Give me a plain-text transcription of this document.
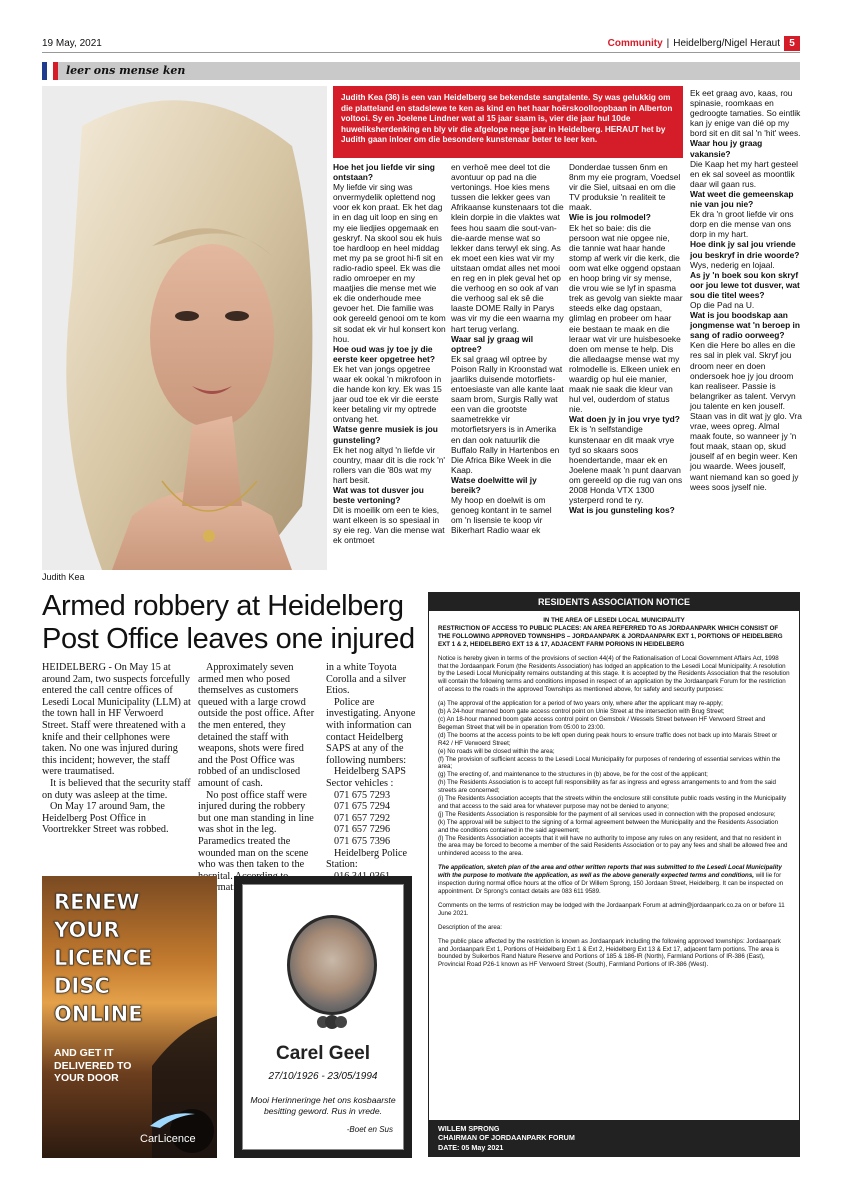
19 May, 2021	Community | Heidelberg/Nigel Heraut 5
leer ons mense ken
Judith Kea
Judith Kea (36) is een van Heidelberg se bekendste sangtalente. Sy was gelukkig om die platteland en stadslewe te ken as kind en het haar hoërskoolloopbaan in Alberton voltooi. Sy en Joelene Lindner wat al 15 jaar saam is, vier die jaar hul 10de huweliksherdenking en bly vir die afgelope nege jaar in Heidelberg. HERAUT het by Judith gaan inloer om die besondere kunstenaar beter te leer ken.

Hoe het jou liefde vir sing ontstaan?

My liefde vir sing was onvermydelik oplettend nog voor ek kon praat. Ek het dag in en dag uit loop en sing en my eie liedjies opgemaak en geskryf. Na skool sou ek huis toe hardloop en heel middag met my pa se groot hi-fi sit en radio-radio speel. Ek was die radio omroeper en my maatjies die mense met wie ek die onderhoude mee gevoer het. Die familie was ook gereeld genooi om te kom sit sodat ek vir hul konsert kon hou.

Hoe oud was jy toe jy die eerste keer opgetree het?

Ek het van jongs opgetree waar ek ookal 'n mikrofoon in die hande kon kry. Ek was 15 jaar oud toe ek vir die eerste keer betaling vir my optrede ontvang het.

Watse genre musiek is jou gunsteling?

Ek het nog altyd 'n liefde vir country, maar dit is die rock 'n' rollers van die '80s wat my hart besit.

Wat was tot dusver jou beste vertoning?

Dit is moeilik om een te kies, want elkeen is so spesiaal in sy eie reg. Van die mense wat ek ontmoet

en verhoë mee deel tot die avontuur op pad na die vertonings. Hoe kies mens tussen die lekker gees van Afrikaanse kunstenaars tot die klein dorpie in die vlaktes wat fees hou saam die sout-van-die-aarde mense wat so lekker dans terwyl ek sing. As ek moet een kies wat vir my uitstaan omdat alles net mooi en reg en in plek geval het op die verhoog en so ook af van die verhoog sal ek sê die laaste DOME Rally in Parys was vir my die een waarna my hart terug verlang.

Waar sal jy graag wil optree?

Ek sal graag wil optree by Poison Rally in Kroonstad wat jaarliks duisende motorfiets-entoesiaste van alle kante laat saam brom, Surgis Rally wat een van die grootste saametrekke vir motorfietsryers is in Amerika en dan ook natuurlik die Buffalo Rally in Hartenbos en Die Africa Bike Week in die Kaap.

Watse doelwitte wil jy bereik?

My hoop en doelwit is om genoeg kontant in te samel om 'n lisensie te koop vir Bikerhart Radio waar ek

Donderdae tussen 6nm en 8nm my eie program, Voedsel vir die Siel, uitsaai en om die TV produksie 'n realiteit te maak.

Wie is jou rolmodel?

Ek het so baie: dis die persoon wat nie opgee nie, die tannie wat haar hande stomp af werk vir die kerk, die oom wat elke oggend opstaan en hoop bring vir sy mense, die vrou wie se lyf in spasma trek as gevolg van siekte maar steeds elke dag opstaan, glimlag en probeer om haar eie bestaan te maak en die leraar wat vir ure huisbesoeke doen om mense te help. Dis die alledaagse mense wat my rolmodelle is. Elkeen uniek en waardig op hul eie manier, maak nie saak die kleur van hul vel, ouderdom of status nie.

Wat doen jy in jou vrye tyd?

Ek is 'n selfstandige kunstenaar en dit maak vrye tyd so skaars soos hoendertande, maar ek en Joelene maak 'n punt daarvan om gereeld op die rug van ons 2008 Honda VTX 1300 ysterperd rond te ry.

Wat is jou gunsteling kos?

Ek eet graag avo, kaas, rou spinasie, roomkaas en gedroogte tamaties. So eintlik kan jy enige van dié op my bord sit en dit sal 'n 'hit' wees.

Waar hou jy graag vakansie?

Die Kaap het my hart gesteel en ek sal soveel as moontlik daar wil gaan rus.

Wat weet die gemeenskap nie van jou nie?

Ek dra 'n groot liefde vir ons dorp en die mense van ons dorp in my hart.

Hoe dink jy sal jou vriende jou beskryf in drie woorde?

Wys, nederig en lojaal.

As jy 'n boek sou kon skryf oor jou lewe tot dusver, wat sou die titel wees?

Op die Pad na U.

Wat is jou boodskap aan jongmense wat 'n beroep in sang of radio oorweeg?

Ken die Here bo alles en die res sal in plek val. Skryf jou droom neer en doen ondersoek hoe jy jou droom kan realiseer. Passie is belangriker as talent. Vervyn jou talente en ken jouself. Staan vas in dit wat jy glo. Vra vrae, wees opreg. Almal maak foute, so wanneer jy 'n fout maak, staan op, skud jouself af en begin weer. Ken jou waarde. Wees jouself, want niemand kan so goed jy wees soos jyself nie.

Armed robbery at Heidelberg Post Office leaves one injured

HEIDELBERG - On May 15 at around 2am, two suspects forcefully entered the call centre offices of Lesedi Local Municipality (LLM) at the town hall in HF Verwoerd Street. Staff were threatened with a knife and their cellphones were taken. No one was injured during this incident; however, the staff were traumatised.

It is believed that the security staff on duty was asleep at the time.

On May 17 around 9am, the Heidelberg Post Office in Voortrekker Street was robbed.

Approximately seven armed men who posed themselves as customers queued with a large crowd outside the post office. After the men entered, they detained the staff with weapons, shots were fired and the Post Office was robbed of an undisclosed amount of cash.

No post office staff were injured during the robbery but one man standing in line was shot in the leg. Paramedics treated the wounded man on the scene who was then taken to the information,

in a white Toyota Corolla and a silver Etios.

Police are investigating. Anyone with information can contact Heidelberg SAPS at any of the following numbers:

Heidelberg SAPS Sector vehicles :

071 675 7293

071 675 7294

071 657 7292

071 657 7296

071 675 7396

Heidelberg Police Station:

RESIDENTS ASSOCIATION NOTICE
IN THE AREA OF LESEDI LOCAL MUNICIPALITY

RESTRICTION OF ACCESS TO PUBLIC PLACES: AN AREA REFERRED TO AS JORDAANPARK WHICH CONSIST OF THE FOLLOWING APPROVED TOWNSHIPS – JORDAANPARK & JORDAANPARK EXT 1, PORTIONS OF HEIDELBERG EXT 1 & 2, HEIDELBERG EXT 13 & 17, ADJACENT FARM PORIONS IN HEIDELBERG

Notice is hereby given in terms of the provisions of section 44(4) of the Rationalisation of Local Government Affairs Act, 1998 that the Jordaanpark Forum (the Residents Association) has lodged an application to the Lesedi Local Municipality. A resolution by the Lesedi Local Municipality remains outstanding at this stage. It is accepted by the Residents Association that the resolution will contain the following terms and conditions imposed in respect of an application by the Jordaanpark Forum for the restriction of access to the roads in the approved Townships as mentioned above, for safety and security purposes:

(a) The approval of the application for a period of two years only, where after the applicant may re-apply;
(b) A 24-hour manned boom gate access control point on Unie Street at the intersection with Brug Street;
(c) An 18-hour manned boom gate access control point on Gemsbok / Wessels Street between HF Verwoerd Street and Begeman Street that will be in operation from 05:00 to 23:00.
(d) The booms at the access points to be left open during peak hours to ensure traffic does not back up into Marais Street or R42 / HF Verwoerd Street;
(e) No roads will be closed within the area;
(f) The provision of sufficient access to the Lesedi Local Municipality for purposes of rendering of essential services within the area;
(g) The erecting of, and maintenance to the structures in (b) above, be for the cost of the applicant;
(h) The Residents Association is to accept full responsibility as far as ingress and egress arrangements to and from the said streets are concerned;
(i) The Residents Association accepts that the streets within the enclosure still constitute public roads vesting in the Municipality and that access to the said area for whatever purpose may not be denied to anyone;
(j) The Residents Association is responsible for the payment of all services used in connection with the proposed enclosure;
(k) The approval will be subject to the signing of a formal agreement between the Municipality and the Residents Association and the conditions contained in the said agreement;

(l) The Residents Association accepts that it will have no authority to impose any rules on any resident, and that no resident in the area may be forced to become a member of the said Residents Association or to pay any fees and shall be allowed free and unhindered access to the area.

The application, sketch plan of the area and other written reports that was submitted to the Lesedi Local Municipality with the purpose to motivate the application, as well as the above generally expected terms and conditions, will lie for inspection during normal office hours at the office of Dr Willem Sprong, 150 Jordaan Street, Heidelberg. It can be inspected on appointment. Dr Sprong's contact details are 083 611 9589.

Comments on the terms of restriction may be lodged with the Jordaanpark Forum at admin@jordaanpark.co.za on or before 11 June 2021.

Description of the area:

The public place affected by the restriction is known as Jordaanpark including the following approved townships: Jordaanpark and Jordaanpark Ext 1, Portions of Heidelberg Ext 1 & Ext 2, Heidelberg Ext 13 & Ext 17, adjacent farm portions. The area is bounded by Suikerbos Rand Nature Reserve and Portions of 185 & 186-IR (North), Farmland Portions of IR-386 (East), Provincial Road P26-1 known as HF Verwoerd Street (South), Farmland Portions of IR-386 (West).

WILLEM SPRONG
CHAIRMAN OF JORDAANPARK FORUM
DATE: 05 May 2021
RENEW
YOUR
LICENCE
DISC
ONLINE
AND GET IT
DELIVERED TO
YOUR DOOR
CarLicence
Carel Geel
27/10/1926 - 23/05/1994
Mooi Herinneringe het ons kosbaarste besitting geword. Rus in vrede.
-Boet en Sus
